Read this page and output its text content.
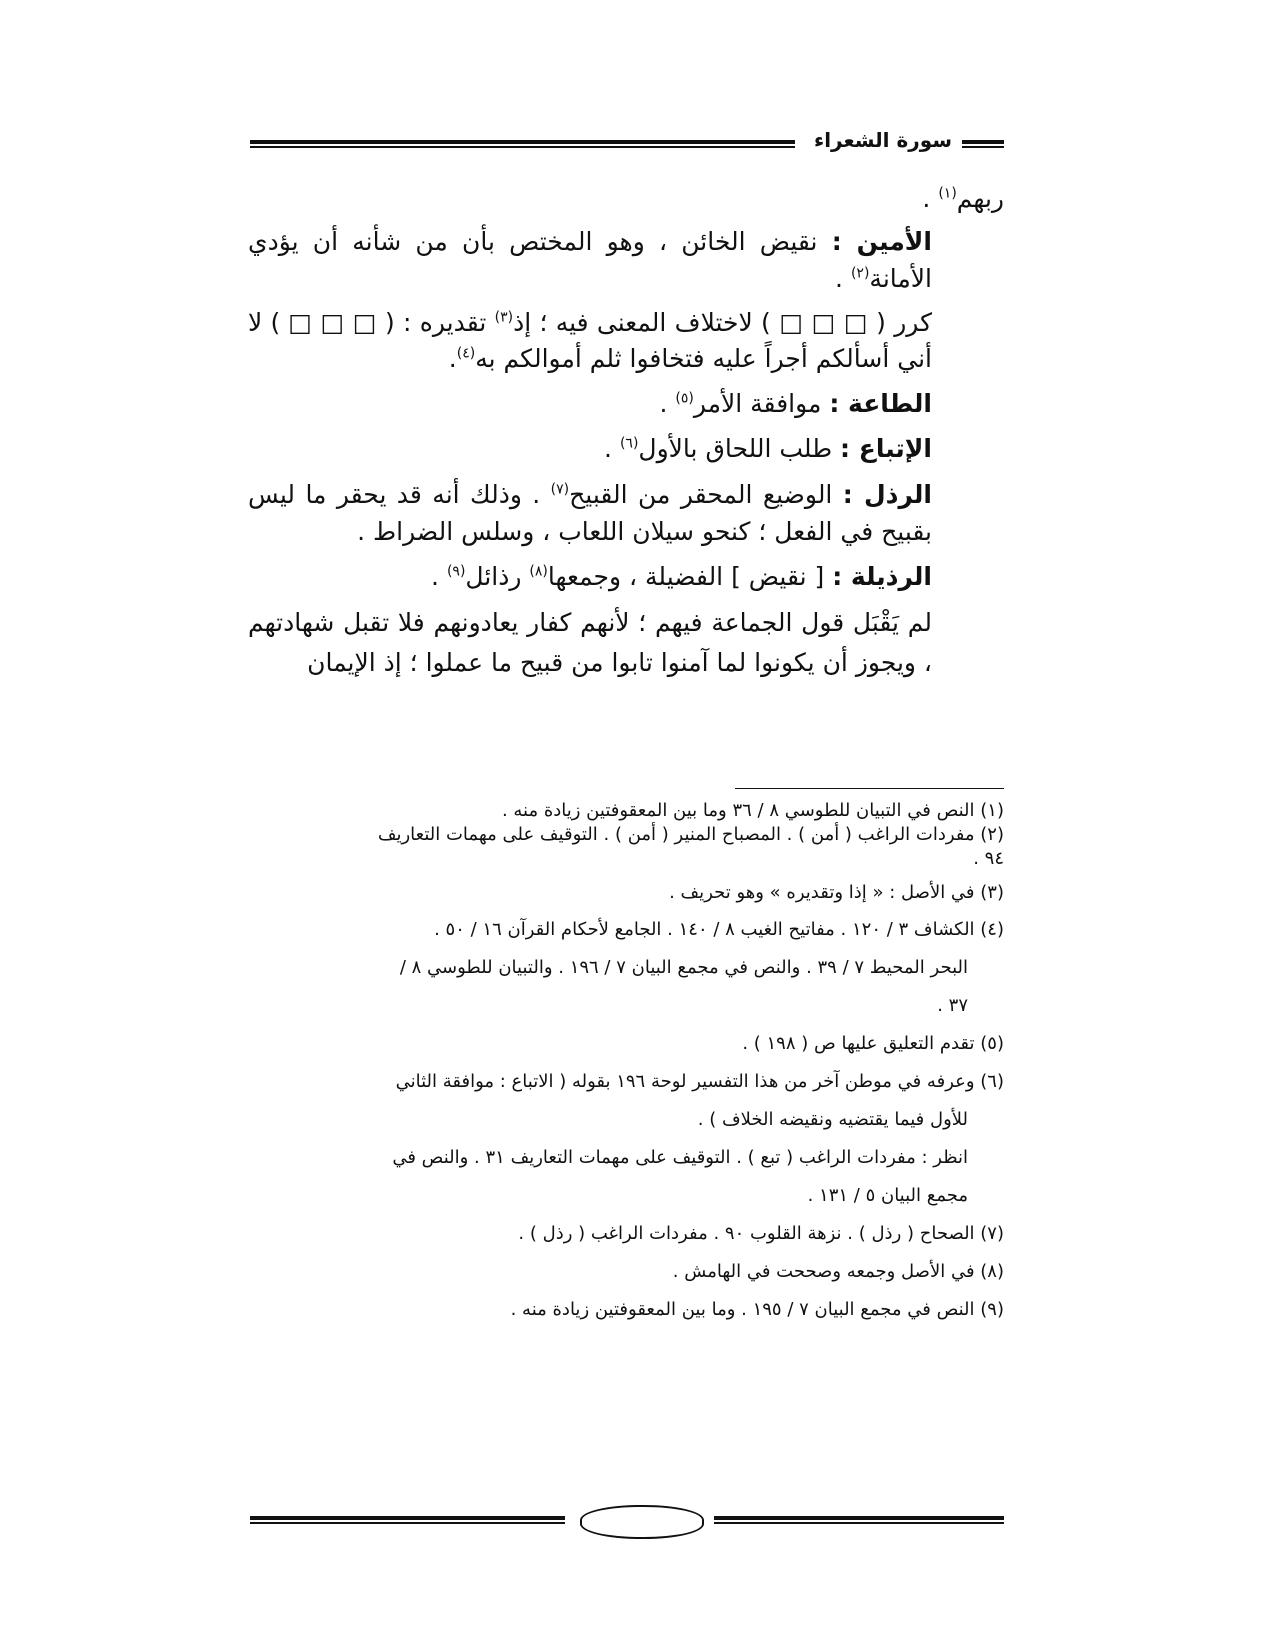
سورة الشعراء

ربهم$^{(١)}$ .

الأمين : نقيض الخائن ، وهو المختص بأن من شأنه أن يؤدي الأمانة$^{(٢)}$ .

كرر ( □ □ □ ) لاختلاف المعنى فيه ؛ إذ$^{(٣)}$ تقديره : ( □ □ □ ) لا أني أسألكم أجراً عليه فتخافوا ثلم أموالكم به$^{(٤)}$.

الطاعة : موافقة الأمر$^{(٥)}$ .

الإتباع : طلب اللحاق بالأول$^{(٦)}$ .

الرذل : الوضيع المحقر من القبيح$^{(٧)}$ . وذلك أنه قد يحقر ما ليس بقبيح في الفعل ؛ كنحو سيلان اللعاب ، وسلس الضراط .

الرذيلة : [ نقيض ] الفضيلة ، وجمعها$^{(٨)}$ رذائل$^{(٩)}$ .

لم يَقْبَل قول الجماعة فيهم ؛ لأنهم كفار يعادونهم فلا تقبل شهادتهم ، ويجوز أن يكونوا لما آمنوا تابوا من قبيح ما عملوا ؛ إذ الإيمان

(١) النص في التبيان للطوسي ٨ / ٣٦ وما بين المعقوفتين زيادة منه .

(٢) مفردات الراغب ( أمن ) . المصباح المنير ( أمن ) . التوقيف على مهمات التعاريف
٩٤ .

(٣) في الأصل : « إذا وتقديره » وهو تحريف .

(٤) الكشاف ٣ / ١٢٠ . مفاتيح الغيب ٨ / ١٤٠ . الجامع لأحكام القرآن ١٦ / ٥٠ .
البحر المحيط ٧ / ٣٩ . والنص في مجمع البيان ٧ / ١٩٦ . والتبيان للطوسي ٨ /
٣٧ .

(٥) تقدم التعليق عليها ص ( ١٩٨ ) .

(٦) وعرفه في موطن آخر من هذا التفسير لوحة ١٩٦ بقوله ( الاتباع : موافقة الثاني
للأول فيما يقتضيه ونقيضه الخلاف ) .
انظر : مفردات الراغب ( تبع ) . التوقيف على مهمات التعاريف ٣١ . والنص في
مجمع البيان ٥ / ١٣١ .

(٧) الصحاح ( رذل ) . نزهة القلوب ٩٠ . مفردات الراغب ( رذل ) .

(٨) في الأصل وجمعه وصححت في الهامش .

(٩) النص في مجمع البيان ٧ / ١٩٥ . وما بين المعقوفتين زيادة منه .
